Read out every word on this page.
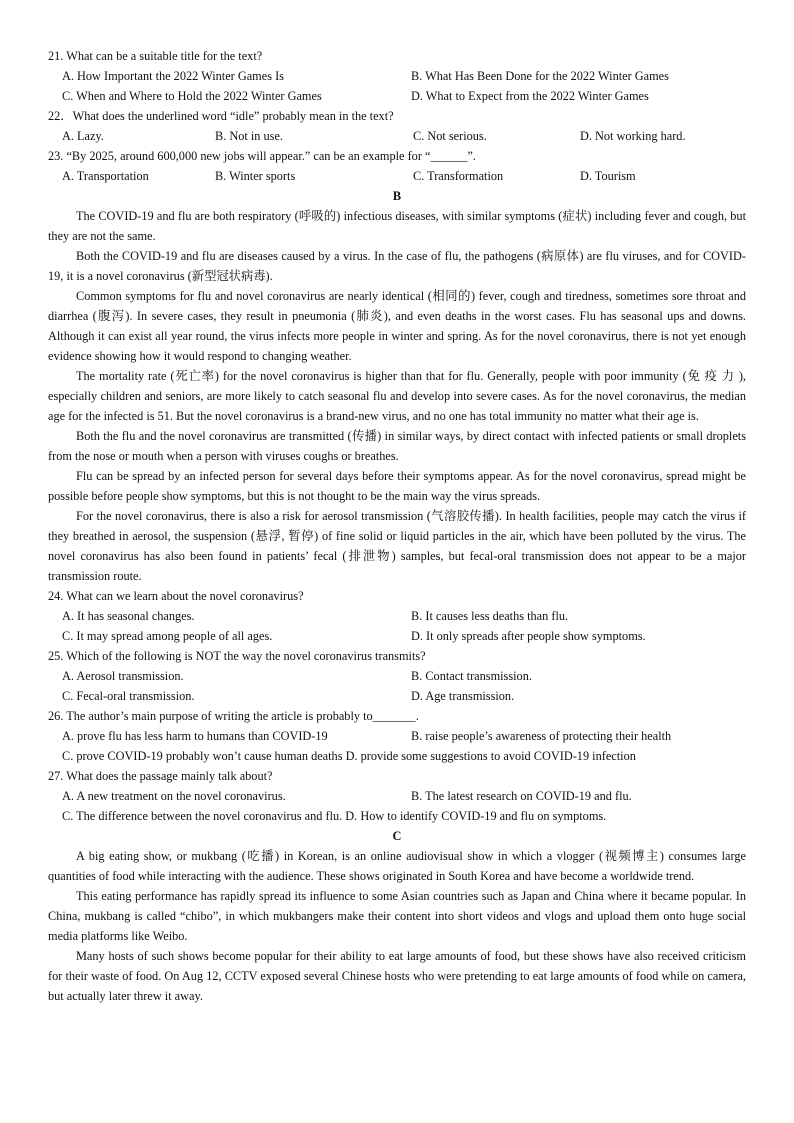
21. What can be a suitable title for the text?

A. How Important the 2022 Winter Games Is	B. What Has Been Done for the 2022 Winter Games
C. When and Where to Hold the 2022 Winter Games	D. What to Expect from the 2022 Winter Games

22．What does the underlined word “idle” probably mean in the text?

A. Lazy.	B. Not in use.	C. Not serious.	D. Not working hard.

23. “By 2025, around 600,000 new jobs will appear.” can be an example for “______”.

A. Transportation	B. Winter sports	C. Transformation	D. Tourism

B

The COVID-19 and flu are both respiratory (呼吸的) infectious diseases, with similar symptoms (症状) including fever and cough, but they are not the same.

Both the COVID-19 and flu are diseases caused by a virus. In the case of flu, the pathogens (病原体) are flu viruses, and for COVID-19, it is a novel coronavirus (新型冠状病毒).

Common symptoms for flu and novel coronavirus are nearly identical (相同的) fever, cough and tiredness, sometimes sore throat and diarrhea (腹泻). In severe cases, they result in pneumonia (肺炎), and even deaths in the worst cases. Flu has seasonal ups and downs. Although it can exist all year round, the virus infects more people in winter and spring. As for the novel coronavirus, there is not yet enough evidence showing how it would respond to changing weather.

The mortality rate (死亡率) for the novel coronavirus is higher than that for flu. Generally, people with poor immunity (免 疫 力 ), especially children and seniors, are more likely to catch seasonal flu and develop into severe cases. As for the novel coronavirus, the median age for the infected is 51. But the novel coronavirus is a brand-new virus, and no one has total immunity no matter what their age is.

Both the flu and the novel coronavirus are transmitted (传播) in similar ways, by direct contact with infected patients or small droplets from the nose or mouth when a person with viruses coughs or breathes.

Flu can be spread by an infected person for several days before their symptoms appear. As for the novel coronavirus, spread might be possible before people show symptoms, but this is not thought to be the main way the virus spreads.

For the novel coronavirus, there is also a risk for aerosol transmission (气溶胶传播). In health facilities, people may catch the virus if they breathed in aerosol, the suspension (悬浮, 暂停) of fine solid or liquid particles in the air, which have been polluted by the virus. The novel coronavirus has also been found in patients’ fecal (排泄物) samples, but fecal-oral transmission does not appear to be a major transmission route.

24. What can we learn about the novel coronavirus?

A. It has seasonal changes.	B. It causes less deaths than flu.
C. It may spread among people of all ages.	D. It only spreads after people show symptoms.

25. Which of the following is NOT the way the novel coronavirus transmits?

A. Aerosol transmission.	B. Contact transmission.
C. Fecal-oral transmission.	D. Age transmission.

26. The author’s main purpose of writing the article is probably to_______.

A. prove flu has less harm to humans than COVID-19	B. raise people’s awareness of protecting their health

C. prove COVID-19 probably won’t cause human deaths D. provide some suggestions to avoid COVID-19 infection

27. What does the passage mainly talk about?

A. A new treatment on the novel coronavirus.	B. The latest research on COVID-19 and flu.

C. The difference between the novel coronavirus and flu. D. How to identify COVID-19 and flu on symptoms.

C

A big eating show, or mukbang (吃播) in Korean, is an online audiovisual show in which a vlogger (视频博主) consumes large quantities of food while interacting with the audience. These shows originated in South Korea and have become a worldwide trend.

This eating performance has rapidly spread its influence to some Asian countries such as Japan and China where it became popular. In China, mukbang is called “chibo”, in which mukbangers make their content into short videos and vlogs and upload them onto huge social media platforms like Weibo.

Many hosts of such shows become popular for their ability to eat large amounts of food, but these shows have also received criticism for their waste of food. On Aug 12, CCTV exposed several Chinese hosts who were pretending to eat large amounts of food while on camera, but actually later threw it away.
